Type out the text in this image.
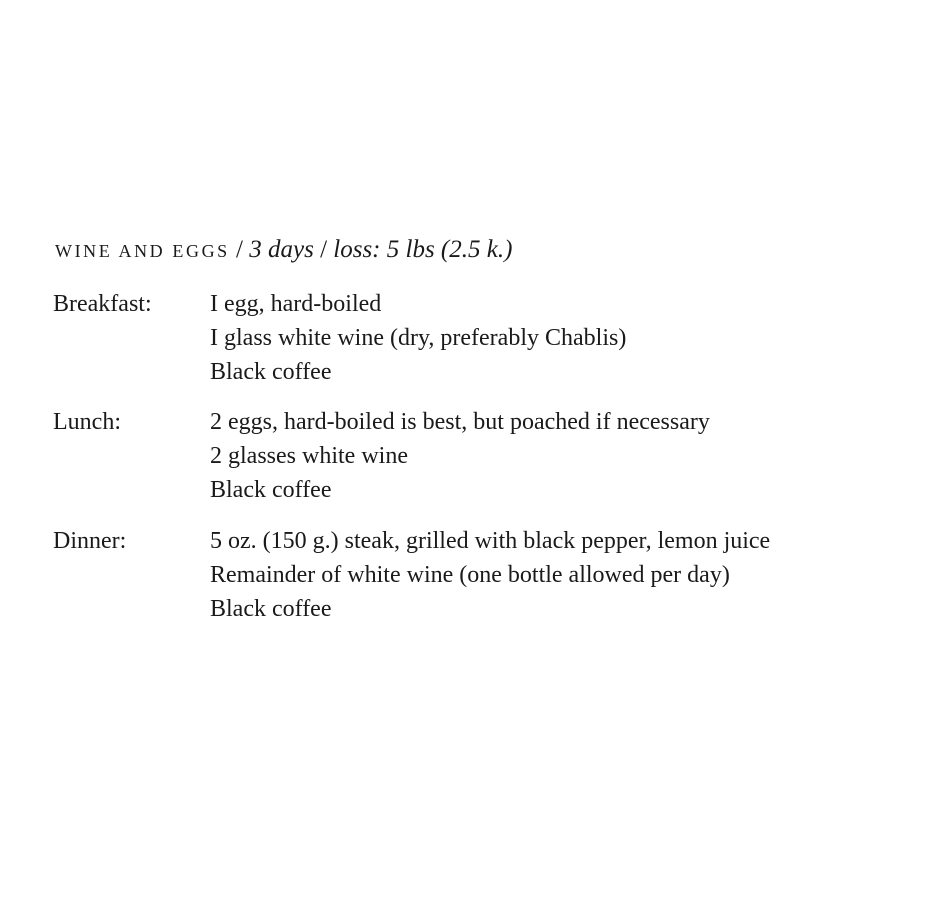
WINE AND EGGS / 3 days / loss: 5 lbs (2.5 k.)
Breakfast: I egg, hard-boiled
I glass white wine (dry, preferably Chablis)
Black coffee
Lunch:	2 eggs, hard-boiled is best, but poached if necessary
2 glasses white wine
Black coffee
Dinner:	5 oz. (150 g.) steak, grilled with black pepper, lemon juice
Remainder of white wine (one bottle allowed per day)
Black coffee
